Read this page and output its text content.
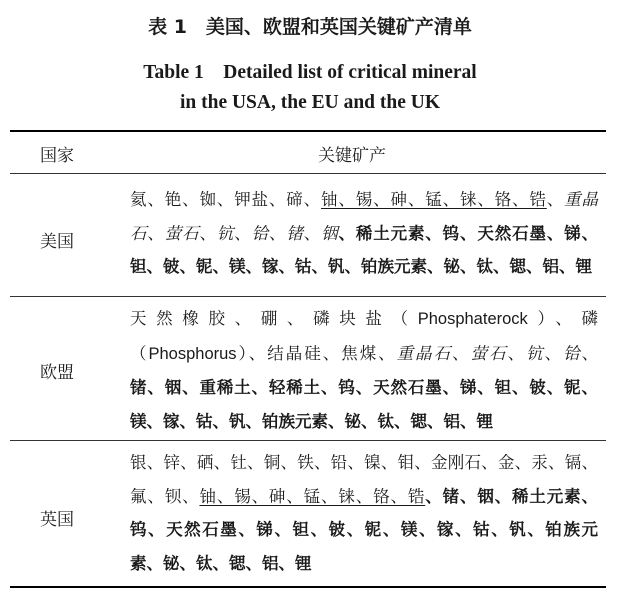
表 1　美国、欧盟和英国关键矿产清单
Table 1　Detailed list of critical mineral
in the USA, the EU and the UK
国家	关键矿产
美国
氦、铯、铷、钾盐、碲、铀、锡、砷、锰、铼、铬、锆、重晶
石、萤石、钪、铪、锗、铟、稀土元素、钨、天然石墨、锑、
钽、铍、铌、镁、镓、钴、钒、铂族元素、铋、钛、锶、铝、锂
欧盟
天然橡胶、硼、磷块盐（Phosphaterock）、磷
（Phosphorus）、结晶硅、焦煤、重晶石、萤石、钪、铪、
锗、铟、重稀土、轻稀土、钨、天然石墨、锑、钽、铍、铌、
镁、镓、钴、钒、铂族元素、铋、钛、锶、铝、锂
英国
银、锌、硒、钍、铜、铁、铅、镍、钼、金刚石、金、汞、镉、
氟、钡、铀、锡、砷、锰、铼、铬、锆、锗、铟、稀土元素、
钨、天然石墨、锑、钽、铍、铌、镁、镓、钴、钒、铂族元
素、铋、钛、锶、铝、锂
